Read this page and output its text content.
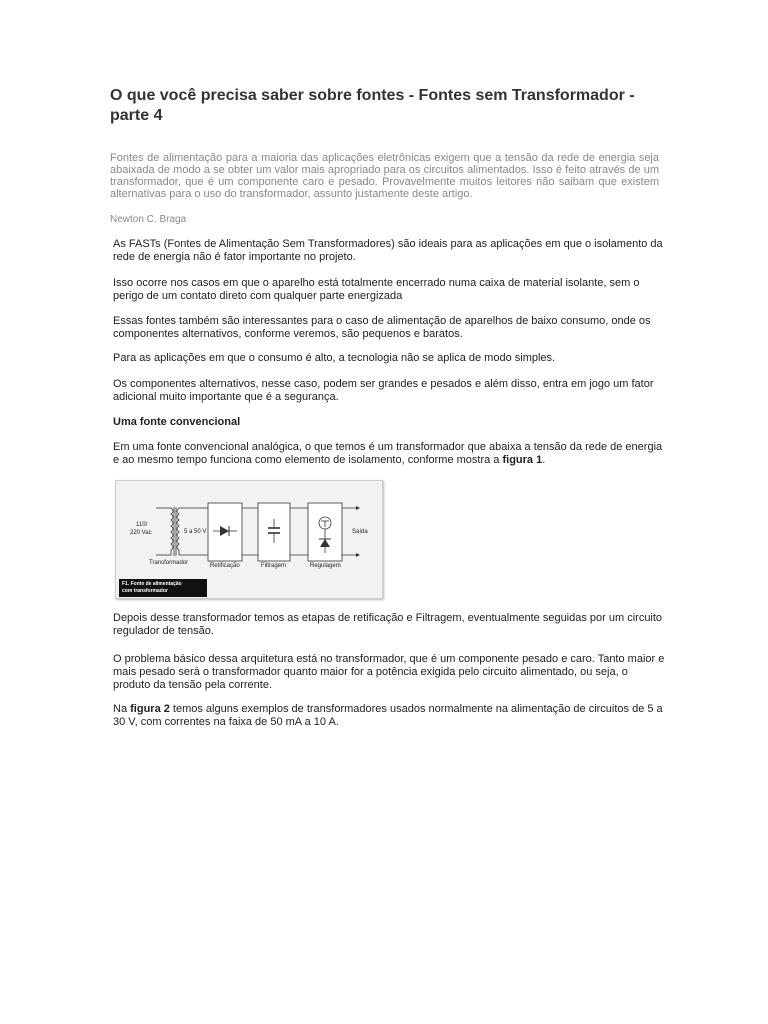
O que você precisa saber sobre fontes - Fontes sem Transformador - parte 4

Fontes de alimentação para a maioria das aplicações eletrônicas exigem que a tensão da rede de energia seja abaixada de modo a se obter um valor mais apropriado para os circuitos alimentados. Isso é feito através de um transformador, que é um componente caro e pesado. Provavelmente muitos leitores não saibam que existem alternativas para o uso do transformador, assunto justamente deste artigo.

Newton C. Braga

As FASTs (Fontes de Alimentação Sem Transformadores) são ideais para as aplicações em que o isolamento da rede de energia não é fator importante no projeto.

Isso ocorre nos casos em que o aparelho está totalmente encerrado numa caixa de material isolante, sem o perigo de um contato direto com qualquer parte energizada

Essas fontes também são interessantes para o caso de alimentação de aparelhos de baixo consumo, onde os componentes alternativos, conforme veremos, são pequenos e baratos.

Para as aplicações em que o consumo é alto, a tecnologia não se aplica de modo simples.

Os componentes alternativos, nesse caso, podem ser grandes e pesados e além disso, entra em jogo um fator adicional muito importante que é a segurança.

Uma fonte convencional

Em uma fonte convencional analógica, o que temos é um transformador que abaixa a tensão da rede de energia e ao mesmo tempo funciona como elemento de isolamento, conforme mostra a figura 1.

110/
220 Vac	5 a 50 V
Transformador	Retificação	Filtragem	Regulagem
Saída
F1. Fonte de alimentação
com transformador

Depois desse transformador temos as etapas de retificação e Filtragem, eventualmente seguidas por um circuito regulador de tensão.

O problema básico dessa arquitetura está no transformador, que é um componente pesado e caro. Tanto maior e mais pesado será o transformador quanto maior for a potência exigida pelo circuito alimentado, ou seja, o produto da tensão pela corrente.

Na figura 2 temos alguns exemplos de transformadores usados normalmente na alimentação de circuitos de 5 a 30 V, com correntes na faixa de 50 mA a 10 A.
